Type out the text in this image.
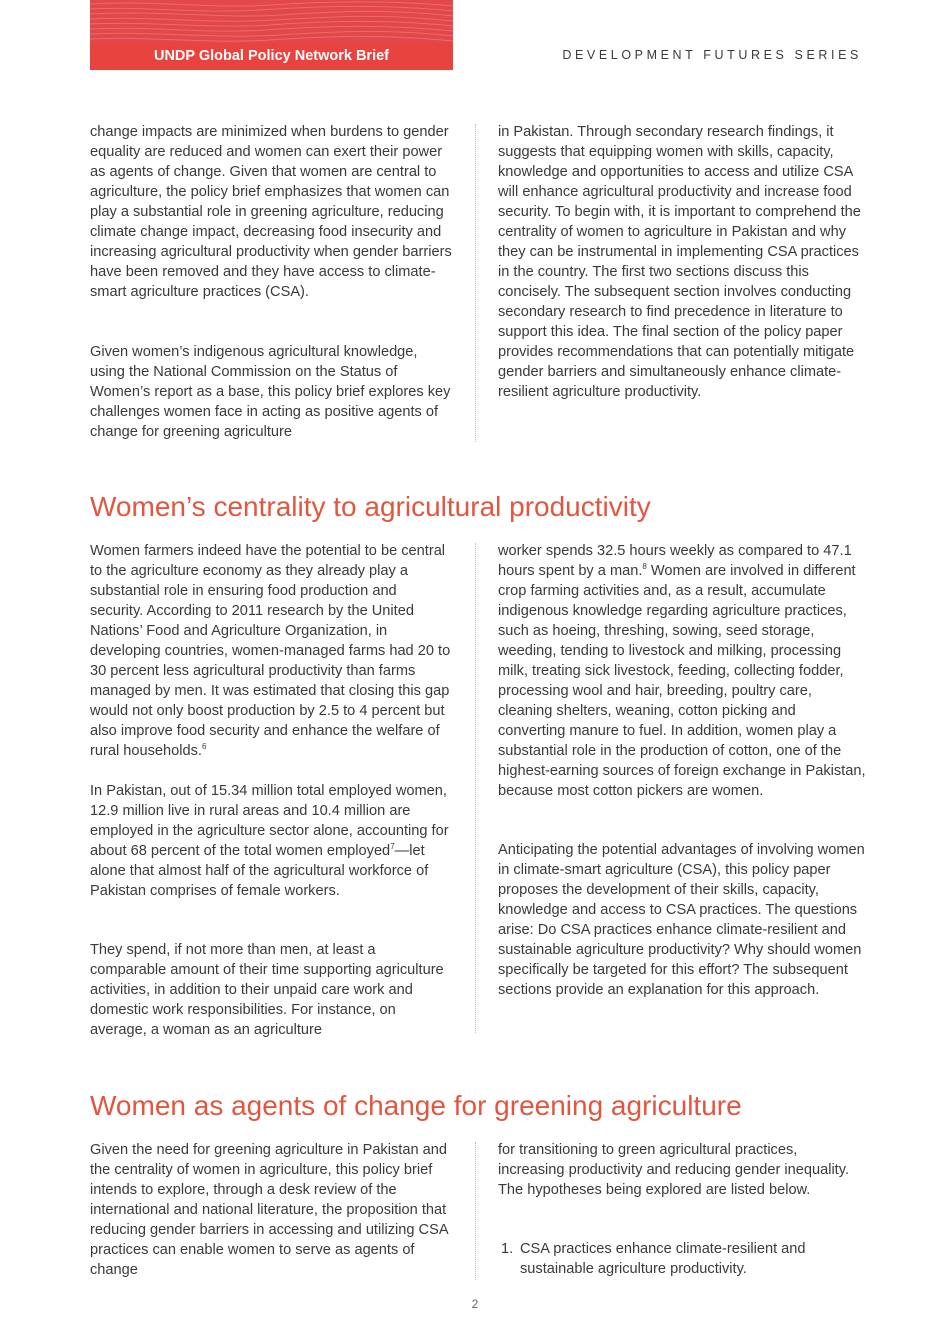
UNDP Global Policy Network Brief	DEVELOPMENT FUTURES SERIES

change impacts are minimized when burdens to gender equality are reduced and women can exert their power as agents of change. Given that women are central to agriculture, the policy brief emphasizes that women can play a substantial role in greening agriculture, reducing climate change impact, decreasing food insecurity and increasing agricultural productivity when gender barriers have been removed and they have access to climate-smart agriculture practices (CSA).

Given women’s indigenous agricultural knowledge, using the National Commission on the Status of Women’s report as a base, this policy brief explores key challenges women face in acting as positive agents of change for greening agriculture

in Pakistan. Through secondary research findings, it suggests that equipping women with skills, capacity, knowledge and opportunities to access and utilize CSA will enhance agricultural productivity and increase food security. To begin with, it is important to comprehend the centrality of women to agriculture in Pakistan and why they can be instrumental in implementing CSA practices in the country. The first two sections discuss this concisely. The subsequent section involves conducting secondary research to find precedence in literature to support this idea. The final section of the policy paper provides recommendations that can potentially mitigate gender barriers and simultaneously enhance climate-resilient agriculture productivity.

Women’s centrality to agricultural productivity

Women farmers indeed have the potential to be central to the agriculture economy as they already play a substantial role in ensuring food production and security. According to 2011 research by the United Nations’ Food and Agriculture Organization, in developing countries, women-managed farms had 20 to 30 percent less agricultural productivity than farms managed by men. It was estimated that closing this gap would not only boost production by 2.5 to 4 percent but also improve food security and enhance the welfare of rural households.$^6$

In Pakistan, out of 15.34 million total employed women, 12.9 million live in rural areas and 10.4 million are employed in the agriculture sector alone, accounting for about 68 percent of the total women employed$^7$—let alone that almost half of the agricultural workforce of Pakistan comprises of female workers.

They spend, if not more than men, at least a comparable amount of their time supporting agriculture activities, in addition to their unpaid care work and domestic work responsibilities. For instance, on average, a woman as an agriculture

worker spends 32.5 hours weekly as compared to 47.1 hours spent by a man.$^8$ Women are involved in different crop farming activities and, as a result, accumulate indigenous knowledge regarding agriculture practices, such as hoeing, threshing, sowing, seed storage, weeding, tending to livestock and milking, processing milk, treating sick livestock, feeding, collecting fodder, processing wool and hair, breeding, poultry care, cleaning shelters, weaning, cotton picking and converting manure to fuel. In addition, women play a substantial role in the production of cotton, one of the highest-earning sources of foreign exchange in Pakistan, because most cotton pickers are women.

Anticipating the potential advantages of involving women in climate-smart agriculture (CSA), this policy paper proposes the development of their skills, capacity, knowledge and access to CSA practices. The questions arise: Do CSA practices enhance climate-resilient and sustainable agriculture productivity? Why should women specifically be targeted for this effort? The subsequent sections provide an explanation for this approach.

Women as agents of change for greening agriculture

Given the need for greening agriculture in Pakistan and the centrality of women in agriculture, this policy brief intends to explore, through a desk review of the international and national literature, the proposition that reducing gender barriers in accessing and utilizing CSA practices can enable women to serve as agents of change

for transitioning to green agricultural practices, increasing productivity and reducing gender inequality. The hypotheses being explored are listed below.

1. CSA practices enhance climate-resilient and sustainable agriculture productivity.
2
